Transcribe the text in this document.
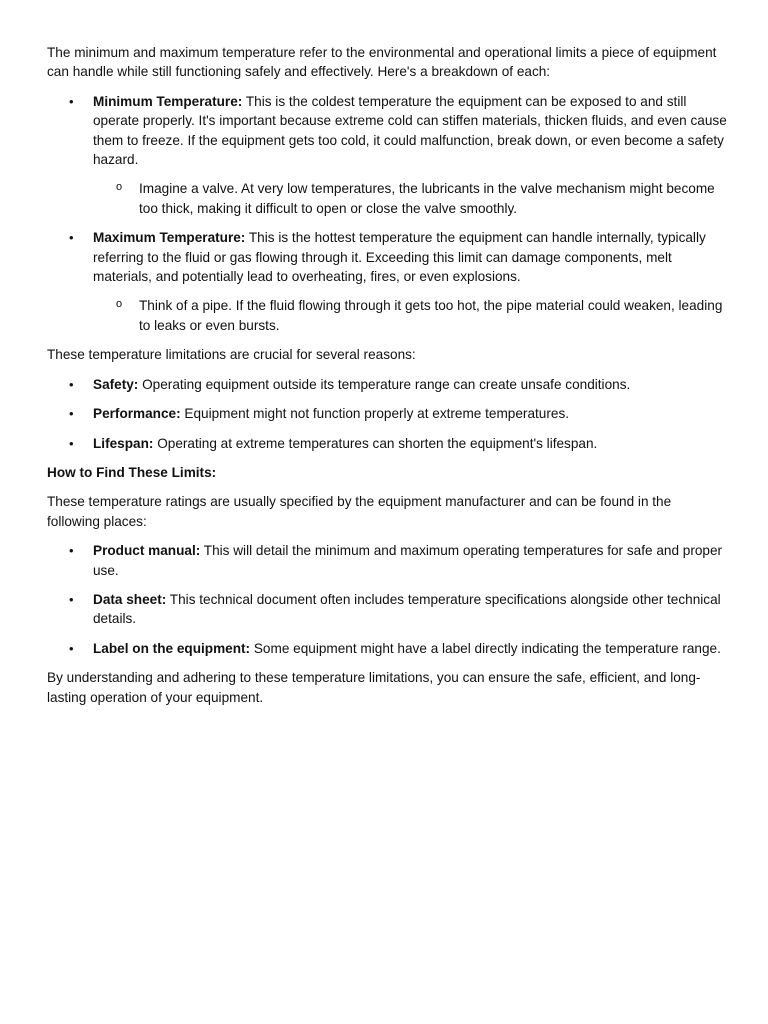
The minimum and maximum temperature refer to the environmental and operational limits a piece of equipment can handle while still functioning safely and effectively. Here's a breakdown of each:

• Minimum Temperature: This is the coldest temperature the equipment can be exposed to and still operate properly. It's important because extreme cold can stiffen materials, thicken fluids, and even cause them to freeze. If the equipment gets too cold, it could malfunction, break down, or even become a safety hazard.
o Imagine a valve. At very low temperatures, the lubricants in the valve mechanism might become too thick, making it difficult to open or close the valve smoothly.
• Maximum Temperature: This is the hottest temperature the equipment can handle internally, typically referring to the fluid or gas flowing through it. Exceeding this limit can damage components, melt materials, and potentially lead to overheating, fires, or even explosions.
o Think of a pipe. If the fluid flowing through it gets too hot, the pipe material could weaken, leading to leaks or even bursts.

These temperature limitations are crucial for several reasons:

• Safety: Operating equipment outside its temperature range can create unsafe conditions.
• Performance: Equipment might not function properly at extreme temperatures.
• Lifespan: Operating at extreme temperatures can shorten the equipment's lifespan.

How to Find These Limits:

These temperature ratings are usually specified by the equipment manufacturer and can be found in the following places:

• Product manual: This will detail the minimum and maximum operating temperatures for safe and proper use.
• Data sheet: This technical document often includes temperature specifications alongside other technical details.
• Label on the equipment: Some equipment might have a label directly indicating the temperature range.

By understanding and adhering to these temperature limitations, you can ensure the safe, efficient, and long-lasting operation of your equipment.
